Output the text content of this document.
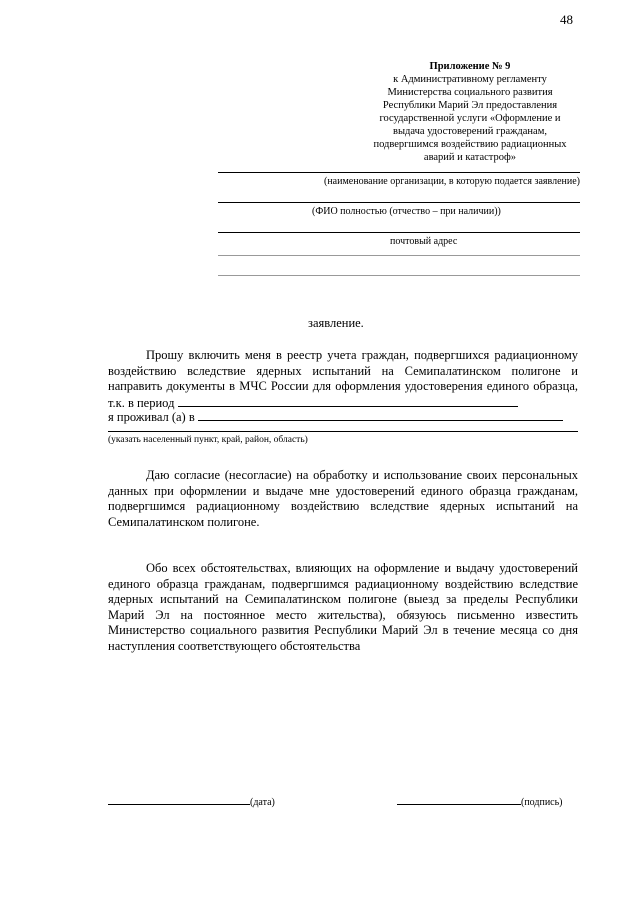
48
Приложение № 9
к Административному регламенту
Министерства социального развития
Республики Марий Эл предоставления
государственной услуги «Оформление и
выдача удостоверений гражданам,
подвергшимся воздействию радиационных
аварий и катастроф»
(наименование организации, в которую подается заявление)
(ФИО полностью (отчество – при наличии))
почтовый адрес
заявление.
Прошу включить меня в реестр учета граждан, подвергшихся радиационному воздействию вследствие ядерных испытаний на Семипалатинском полигоне и направить документы в МЧС России для оформления удостоверения единого образца, т.к. в период
я проживал (а) в
(указать населенный пункт, край, район, область)
Даю согласие (несогласие) на обработку и использование своих персональных данных при оформлении и выдаче мне удостоверений единого образца гражданам, подвергшимся радиационному воздействию вследствие ядерных испытаний на Семипалатинском полигоне.
Обо всех обстоятельствах, влияющих на оформление и выдачу удостоверений единого образца гражданам, подвергшимся радиационному воздействию вследствие ядерных испытаний на Семипалатинском полигоне (выезд за пределы Республики Марий Эл на постоянное место жительства), обязуюсь письменно известить Министерство социального развития Республики Марий Эл в течение месяца со дня наступления соответствующего обстоятельства
(дата)	(подпись)
